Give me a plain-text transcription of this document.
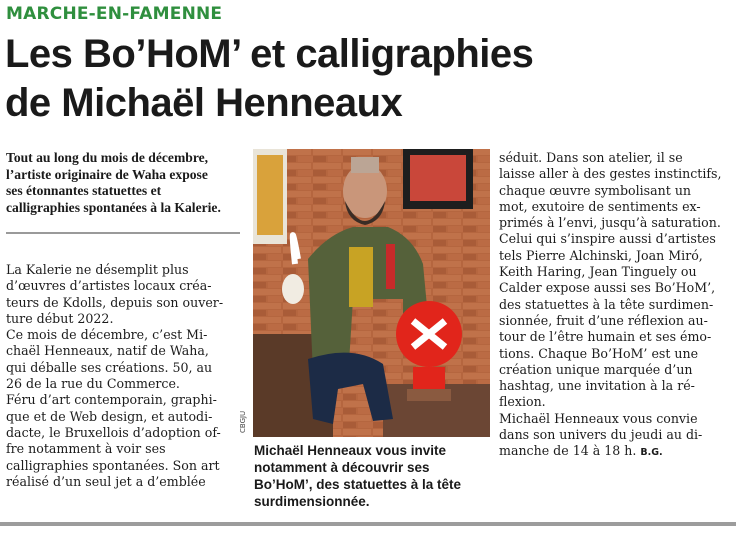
MARCHE-EN-FAMENNE
Les Bo’HoM’ et calligraphies
de Michaël Henneaux
Tout au long du mois de décembre,
l’artiste originaire de Waha expose
ses étonnantes statuettes et
calligraphies spontanées à la Kalerie.
La Kalerie ne désemplit plus
d’œuvres d’artistes locaux créa-
teurs de Kdolls, depuis son ouver-
ture début 2022.
Ce mois de décembre, c’est Mi-
chaël Henneaux, natif de Waha,
qui déballe ses créations. 50, au
26 de la rue du Commerce.
Féru d’art contemporain, graphi-
que et de Web design, et autodi-
dacte, le Bruxellois d’adoption of-
fre notamment à voir ses
calligraphies spontanées. Son art
réalisé d’un seul jet a d’emblée
CBGJU
Michaël Henneaux vous invite
notamment à découvrir ses
Bo’HoM’, des statuettes à la tête
surdimensionnée.
séduit. Dans son atelier, il se
laisse aller à des gestes instinctifs,
chaque œuvre symbolisant un
mot, exutoire de sentiments ex-
primés à l’envi, jusqu’à saturation.
Celui qui s’inspire aussi d’artistes
tels Pierre Alchinski, Joan Miró,
Keith Haring, Jean Tinguely ou
Calder expose aussi ses Bo’HoM’,
des statuettes à la tête surdimen-
sionnée, fruit d’une réflexion au-
tour de l’être humain et ses émo-
tions. Chaque Bo’HoM’ est une
création unique marquée d’un
hashtag, une invitation à la ré-
flexion.
Michaël Henneaux vous convie
dans son univers du jeudi au di-
manche de 14 à 18 h. B.G.
